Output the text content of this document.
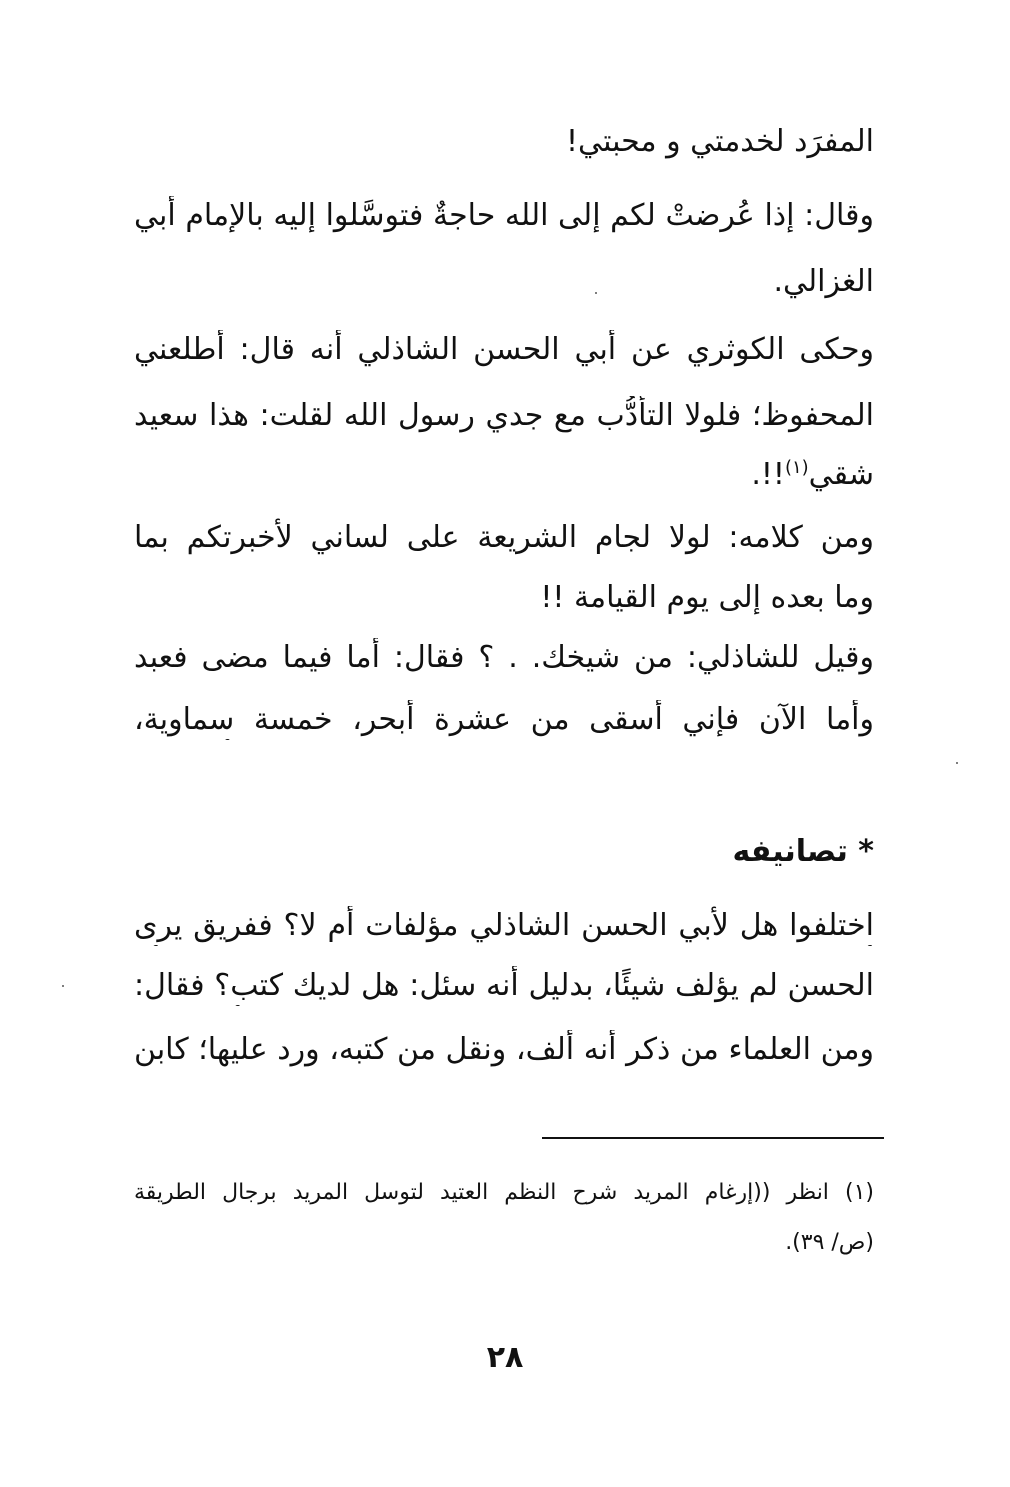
المفرَد لخدمتي و محبتي!
وقال: إذا عُرضتْ لكم إلى الله حاجةٌ فتوسَّلوا إليه بالإمام أبي
الغزالي.
وحكى الكوثري عن أبي الحسن الشاذلي أنه قال: أطلعني
المحفوظ؛ فلولا التأدُّب مع جدي رسول الله لقلت: هذا سعيد
شقي$^{(١)}$!!.
ومن كلامه: لولا لجام الشريعة على لساني لأخبرتكم بما
وما بعده إلى يوم القيامة !!
وقيل للشاذلي: من شيخك. . ؟ فقال: أما فيما مضى فعبد
وأما الآن فإني أُسقى من عشرة أبحر، خمسة سماوية،
* تصانيفه
اختلفوا هل لأبي الحسن الشاذلي مؤلفات أم لا؟ ففريق يرى
الحسن لم يؤلف شيئًا، بدليل أنه سئل: هل لديك كتب؟ فقال:
ومن العلماء من ذكر أنه ألف، ونقل من كتبه، ورد عليها؛ كابن
(١) انظر ((إرغام المريد شرح النظم العتيد لتوسل المريد برجال الطريقة
(ص/ ٣٩).
٢٨
